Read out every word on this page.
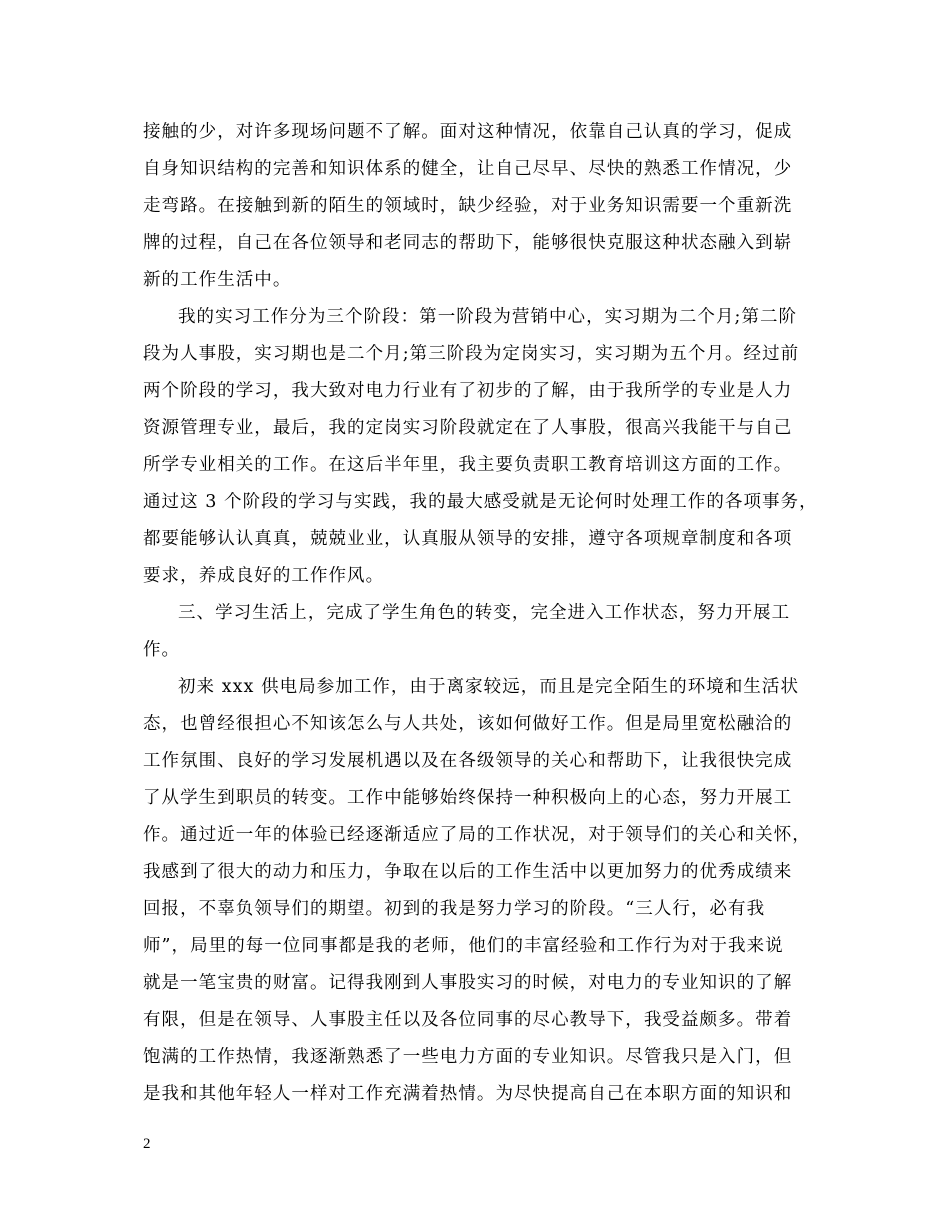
接触的少，对许多现场问题不了解。面对这种情况，依靠自己认真的学习，促成
自身知识结构的完善和知识体系的健全，让自己尽早、尽快的熟悉工作情况，少
走弯路。在接触到新的陌生的领域时，缺少经验，对于业务知识需要一个重新洗
牌的过程，自己在各位领导和老同志的帮助下，能够很快克服这种状态融入到崭
新的工作生活中。
我的实习工作分为三个阶段：第一阶段为营销中心，实习期为二个月;第二阶
段为人事股，实习期也是二个月;第三阶段为定岗实习，实习期为五个月。经过前
两个阶段的学习，我大致对电力行业有了初步的了解，由于我所学的专业是人力
资源管理专业，最后，我的定岗实习阶段就定在了人事股，很高兴我能干与自己
所学专业相关的工作。在这后半年里，我主要负责职工教育培训这方面的工作。
通过这 3 个阶段的学习与实践，我的最大感受就是无论何时处理工作的各项事务，
都要能够认认真真，兢兢业业，认真服从领导的安排，遵守各项规章制度和各项
要求，养成良好的工作作风。
三、学习生活上，完成了学生角色的转变，完全进入工作状态，努力开展工
作。
初来 xxx 供电局参加工作，由于离家较远，而且是完全陌生的环境和生活状
态，也曾经很担心不知该怎么与人共处，该如何做好工作。但是局里宽松融洽的
工作氛围、良好的学习发展机遇以及在各级领导的关心和帮助下，让我很快完成
了从学生到职员的转变。工作中能够始终保持一种积极向上的心态，努力开展工
作。通过近一年的体验已经逐渐适应了局的工作状况，对于领导们的关心和关怀，
我感到了很大的动力和压力，争取在以后的工作生活中以更加努力的优秀成绩来
回报，不辜负领导们的期望。初到的我是努力学习的阶段。“三人行，必有我
师”，局里的每一位同事都是我的老师，他们的丰富经验和工作行为对于我来说
就是一笔宝贵的财富。记得我刚到人事股实习的时候，对电力的专业知识的了解
有限，但是在领导、人事股主任以及各位同事的尽心教导下，我受益颇多。带着
饱满的工作热情，我逐渐熟悉了一些电力方面的专业知识。尽管我只是入门，但
是我和其他年轻人一样对工作充满着热情。为尽快提高自己在本职方面的知识和
2
